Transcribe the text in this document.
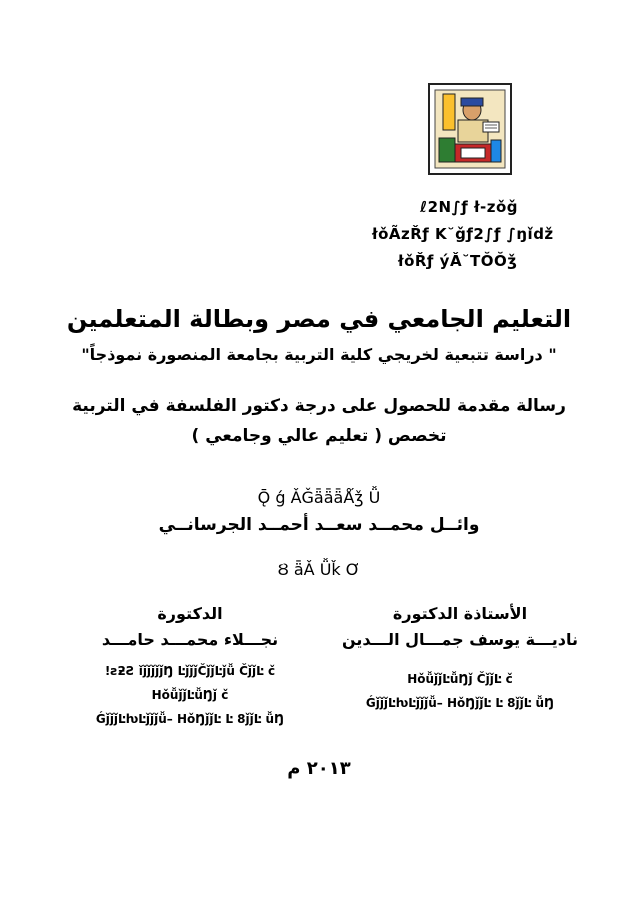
ℓ2N∫ƒ ł-zǒǧ
łǒÃzŘƒ K˘ǧƒ2∫ƒ ∫ŋǐdž
łǒŘƒ ýǍ˘ΤŎŎǯ
التعليم الجامعي في مصر وبطالة المتعلمين
" دراسة تتبعية لخريجي كلية التربية بجامعة المنصورة نموذجاً"
رسالة مقدمة للحصول على درجة دكتور الفلسفة في التربية
تخصص ( تعليم عالي وجامعي )
Ǭ ǵ ǍǦǟǟǟǺǯ Ǚ
وائــل محمــد سعــد أحمــد الجرسانــي
Ȣ ǟǍ Ǚǩ Ơ
الأستاذة الدكتورة
ناديـــة يوسف جمـــال الـــدين
HǒǚǰǰĿǚŊǰ ČǰǰĿ č
ǴǰǰǰĿƕĿǰǰǰǚ– HǒŊǰǰĿ Ŀ 8ǰǰĿ ǚŊ
الدكتورة
نجـــلاء محمـــد حامـــد
!ƨƻƧ ǐǰǰǰǰǰŊ ĿǰǰǰČǰǰĿǰǚ ČǰǰĿ č
HǒǚǰǰĿǚŊǰ č
ǴǰǰǰĿƕĿǰǰǰǚ– HǒŊǰǰĿ Ŀ 8ǰǰĿ ǚŊ
٢٠١٣ م
